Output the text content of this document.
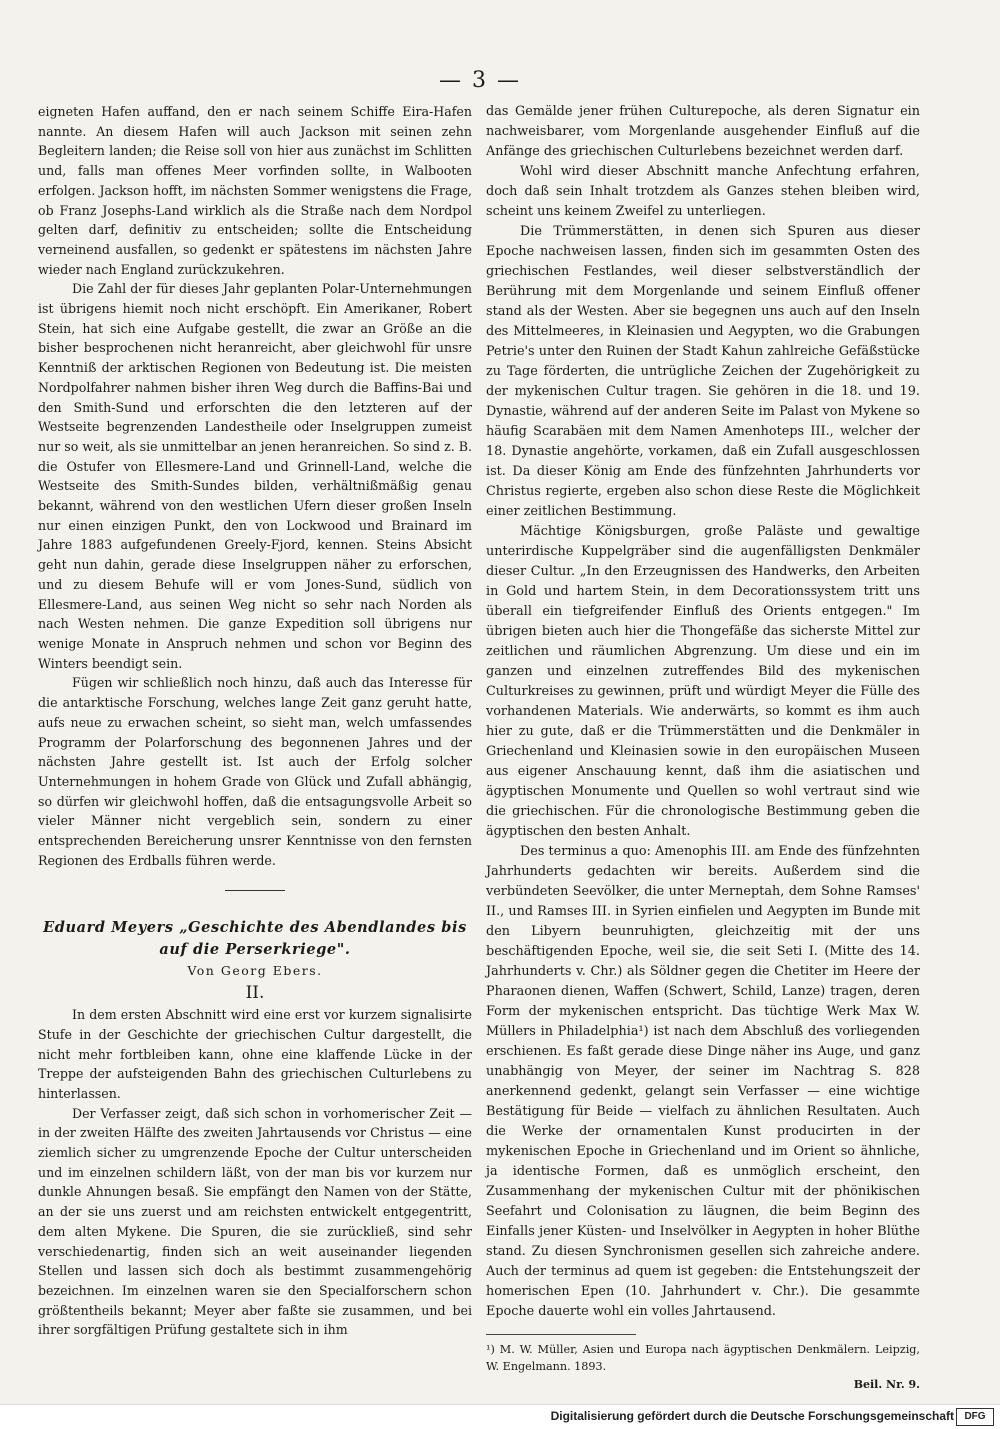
— 3 —

eigneten Hafen auffand, den er nach seinem Schiffe Eira-Hafen nannte. An diesem Hafen will auch Jackson mit seinen zehn Begleitern landen; die Reise soll von hier aus zunächst im Schlitten und, falls man offenes Meer vorfinden sollte, in Walbooten erfolgen. Jackson hofft, im nächsten Sommer wenigstens die Frage, ob Franz Josephs-Land wirklich als die Straße nach dem Nordpol gelten darf, definitiv zu entscheiden; sollte die Entscheidung verneinend ausfallen, so gedenkt er spätestens im nächsten Jahre wieder nach England zurückzukehren.

Die Zahl der für dieses Jahr geplanten Polar-Unternehmungen ist übrigens hiemit noch nicht erschöpft. Ein Amerikaner, Robert Stein, hat sich eine Aufgabe gestellt, die zwar an Größe an die bisher besprochenen nicht heranreicht, aber gleichwohl für unsre Kenntniß der arktischen Regionen von Bedeutung ist. Die meisten Nordpolfahrer nahmen bisher ihren Weg durch die Baffins-Bai und den Smith-Sund und erforschten die den letzteren auf der Westseite begrenzenden Landestheile oder Inselgruppen zumeist nur so weit, als sie unmittelbar an jenen heranreichen. So sind z. B. die Ostufer von Ellesmere-Land und Grinnell-Land, welche die Westseite des Smith-Sundes bilden, verhältnißmäßig genau bekannt, während von den westlichen Ufern dieser großen Inseln nur einen einzigen Punkt, den von Lockwood und Brainard im Jahre 1883 aufgefundenen Greely-Fjord, kennen. Steins Absicht geht nun dahin, gerade diese Inselgruppen näher zu erforschen, und zu diesem Behufe will er vom Jones-Sund, südlich von Ellesmere-Land, aus seinen Weg nicht so sehr nach Norden als nach Westen nehmen. Die ganze Expedition soll übrigens nur wenige Monate in Anspruch nehmen und schon vor Beginn des Winters beendigt sein.

Fügen wir schließlich noch hinzu, daß auch das Interesse für die antarktische Forschung, welches lange Zeit ganz geruht hatte, aufs neue zu erwachen scheint, so sieht man, welch umfassendes Programm der Polarforschung des begonnenen Jahres und der nächsten Jahre gestellt ist. Ist auch der Erfolg solcher Unternehmungen in hohem Grade von Glück und Zufall abhängig, so dürfen wir gleichwohl hoffen, daß die entsagungsvolle Arbeit so vieler Männer nicht vergeblich sein, sondern zu einer entsprechenden Bereicherung unsrer Kenntnisse von den fernsten Regionen des Erdballs führen werde.

Eduard Meyers „Geschichte des Abendlandes bis auf die Perserkriege".

Von Georg Ebers.

II.

In dem ersten Abschnitt wird eine erst vor kurzem signalisirte Stufe in der Geschichte der griechischen Cultur dargestellt, die nicht mehr fortbleiben kann, ohne eine klaffende Lücke in der Treppe der aufsteigenden Bahn des griechischen Culturlebens zu hinterlassen.

Der Verfasser zeigt, daß sich schon in vorhomerischer Zeit — in der zweiten Hälfte des zweiten Jahrtausends vor Christus — eine ziemlich sicher zu umgrenzende Epoche der Cultur unterscheiden und im einzelnen schildern läßt, von der man bis vor kurzem nur dunkle Ahnungen besaß. Sie empfängt den Namen von der Stätte, an der sie uns zuerst und am reichsten entwickelt entgegentritt, dem alten Mykene. Die Spuren, die sie zurückließ, sind sehr verschiedenartig, finden sich an weit auseinander liegenden Stellen und lassen sich doch als bestimmt zusammengehörig bezeichnen. Im einzelnen waren sie den Specialforschern schon größtentheils bekannt; Meyer aber faßte sie zusammen, und bei ihrer sorgfältigen Prüfung gestaltete sich in ihm

das Gemälde jener frühen Culturepoche, als deren Signatur ein nachweisbarer, vom Morgenlande ausgehender Einfluß auf die Anfänge des griechischen Culturlebens bezeichnet werden darf.

Wohl wird dieser Abschnitt manche Anfechtung erfahren, doch daß sein Inhalt trotzdem als Ganzes stehen bleiben wird, scheint uns keinem Zweifel zu unterliegen.

Die Trümmerstätten, in denen sich Spuren aus dieser Epoche nachweisen lassen, finden sich im gesammten Osten des griechischen Festlandes, weil dieser selbstverständlich der Berührung mit dem Morgenlande und seinem Einfluß offener stand als der Westen. Aber sie begegnen uns auch auf den Inseln des Mittelmeeres, in Kleinasien und Aegypten, wo die Grabungen Petrie's unter den Ruinen der Stadt Kahun zahlreiche Gefäßstücke zu Tage förderten, die untrügliche Zeichen der Zugehörigkeit zu der mykenischen Cultur tragen. Sie gehören in die 18. und 19. Dynastie, während auf der anderen Seite im Palast von Mykene so häufig Scarabäen mit dem Namen Amenhoteps III., welcher der 18. Dynastie angehörte, vorkamen, daß ein Zufall ausgeschlossen ist. Da dieser König am Ende des fünfzehnten Jahrhunderts vor Christus regierte, ergeben also schon diese Reste die Möglichkeit einer zeitlichen Bestimmung.

Mächtige Königsburgen, große Paläste und gewaltige unterirdische Kuppelgräber sind die augenfälligsten Denkmäler dieser Cultur. „In den Erzeugnissen des Handwerks, den Arbeiten in Gold und hartem Stein, in dem Decorationssystem tritt uns überall ein tiefgreifender Einfluß des Orients entgegen." Im übrigen bieten auch hier die Thongefäße das sicherste Mittel zur zeitlichen und räumlichen Abgrenzung. Um diese und ein im ganzen und einzelnen zutreffendes Bild des mykenischen Culturkreises zu gewinnen, prüft und würdigt Meyer die Fülle des vorhandenen Materials. Wie anderwärts, so kommt es ihm auch hier zu gute, daß er die Trümmerstätten und die Denkmäler in Griechenland und Kleinasien sowie in den europäischen Museen aus eigener Anschauung kennt, daß ihm die asiatischen und ägyptischen Monumente und Quellen so wohl vertraut sind wie die griechischen. Für die chronologische Bestimmung geben die ägyptischen den besten Anhalt.

Des terminus a quo: Amenophis III. am Ende des fünfzehnten Jahrhunderts gedachten wir bereits. Außerdem sind die verbündeten Seevölker, die unter Merneptah, dem Sohne Ramses' II., und Ramses III. in Syrien einfielen und Aegypten im Bunde mit den Libyern beunruhigten, gleichzeitig mit der uns beschäftigenden Epoche, weil sie, die seit Seti I. (Mitte des 14. Jahrhunderts v. Chr.) als Söldner gegen die Chetiter im Heere der Pharaonen dienen, Waffen (Schwert, Schild, Lanze) tragen, deren Form der mykenischen entspricht. Das tüchtige Werk Max W. Müllers in Philadelphia¹) ist nach dem Abschluß des vorliegenden erschienen. Es faßt gerade diese Dinge näher ins Auge, und ganz unabhängig von Meyer, der seiner im Nachtrag S. 828 anerkennend gedenkt, gelangt sein Verfasser — eine wichtige Bestätigung für Beide — vielfach zu ähnlichen Resultaten. Auch die Werke der ornamentalen Kunst producirten in der mykenischen Epoche in Griechenland und im Orient so ähnliche, ja identische Formen, daß es unmöglich erscheint, den Zusammenhang der mykenischen Cultur mit der phönikischen Seefahrt und Colonisation zu läugnen, die beim Beginn des Einfalls jener Küsten- und Inselvölker in Aegypten in hoher Blüthe stand. Zu diesen Synchronismen gesellen sich zahreiche andere. Auch der terminus ad quem ist gegeben: die Entstehungszeit der homerischen Epen (10. Jahrhundert v. Chr.). Die gesammte Epoche dauerte wohl ein volles Jahrtausend.

¹) M. W. Müller, Asien und Europa nach ägyptischen Denkmälern. Leipzig, W. Engelmann. 1893.

Beil. Nr. 9.

Digitalisierung gefördert durch die Deutsche Forschungsgemeinschaft	DFG
